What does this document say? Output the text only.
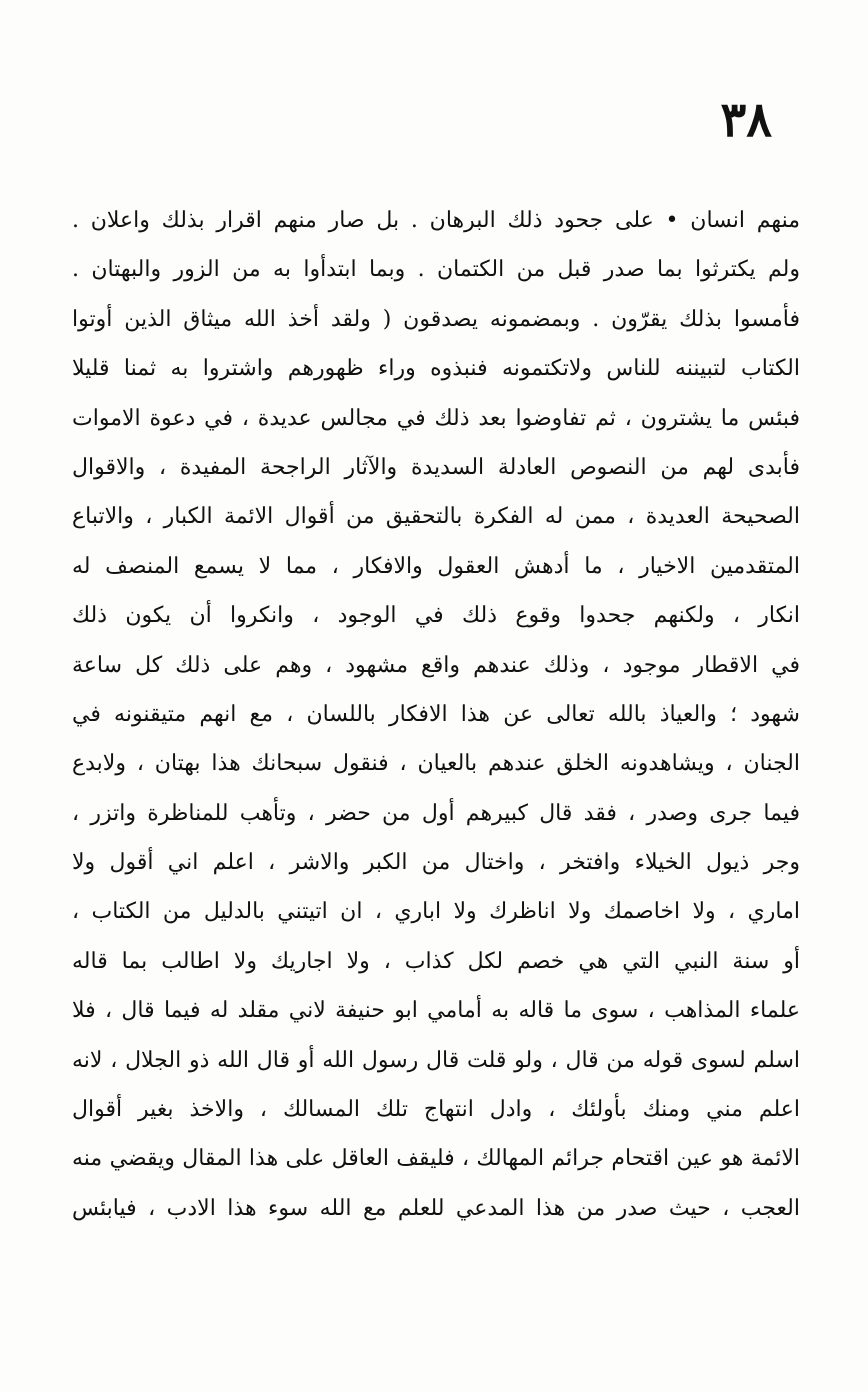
٣٨
منهم انسان • على جحود ذلك البرهان . بل صار منهم اقرار بذلك واعلان .
ولم يكترثوا بما صدر قبل من الكتمان . وبما ابتدأوا به من الزور والبهتان .
فأمسوا بذلك يقرّون . وبمضمونه يصدقون ( ولقد أخذ الله ميثاق الذين أوتوا
الكتاب لتبيننه للناس ولاتكتمونه فنبذوه وراء ظهورهم واشتروا به ثمنا قليلا
فبئس ما يشترون ، ثم تفاوضوا بعد ذلك في مجالس عديدة ، في دعوة الاموات
فأبدى لهم من النصوص العادلة السديدة والآثار الراجحة المفيدة ، والاقوال
الصحيحة العديدة ، ممن له الفكرة بالتحقيق من أقوال الائمة الكبار ، والاتباع
المتقدمين الاخيار ، ما أدهش العقول والافكار ، مما لا يسمع المنصف له
انكار ، ولكنهم جحدوا وقوع ذلك في الوجود ، وانكروا أن يكون ذلك
في الاقطار موجود ، وذلك عندهم واقع مشهود ، وهم على ذلك كل ساعة
شهود ؛ والعياذ بالله تعالى عن هذا الافكار باللسان ، مع انهم متيقنونه في
الجنان ، ويشاهدونه الخلق عندهم بالعيان ، فنقول سبحانك هذا بهتان ، ولابدع
فيما جرى وصدر ، فقد قال كبيرهم أول من حضر ، وتأهب للمناظرة واتزر ،
وجر ذيول الخيلاء وافتخر ، واختال من الكبر والاشر ، اعلم اني أقول ولا
اماري ، ولا اخاصمك ولا اناظرك ولا اباري ، ان اتيتني بالدليل من الكتاب ،
أو سنة النبي التي هي خصم لكل كذاب ، ولا اجاريك ولا اطالب بما قاله
علماء المذاهب ، سوى ما قاله به أمامي ابو حنيفة لاني مقلد له فيما قال ، فلا
اسلم لسوى قوله من قال ، ولو قلت قال رسول الله أو قال الله ذو الجلال ، لانه
اعلم مني ومنك بأولئك ، وادل انتهاج تلك المسالك ، والاخذ بغير أقوال
الائمة هو عين اقتحام جرائم المهالك ، فليقف العاقل على هذا المقال ويقضي منه
العجب ، حيث صدر من هذا المدعي للعلم مع الله سوء هذا الادب ، فيابئس
